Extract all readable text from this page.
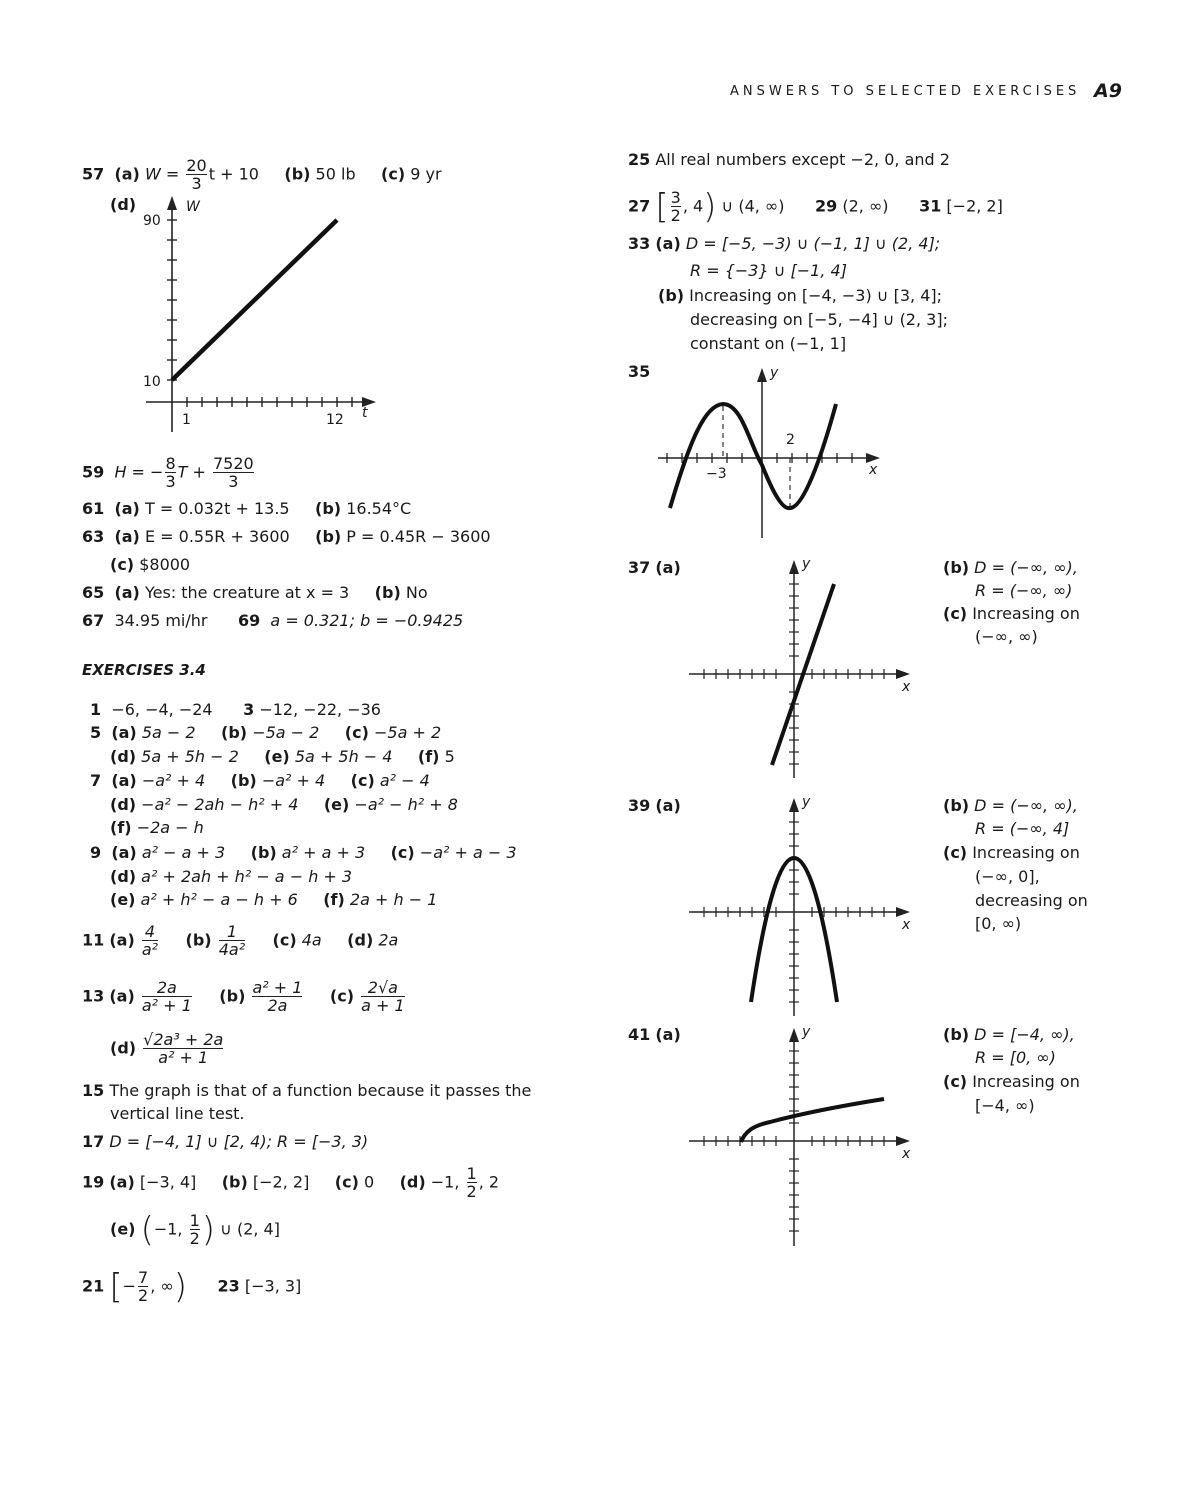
ANSWERS TO SELECTED EXERCISES A9
57 (a) $W = \frac{20}{3}$ t + 10 (b) 50 lb (c) 9 yr
(d)	W
t
90
10
1	12
59 H = − $\frac{8}{3}$ $T + \frac{7520}{3}$
61 (a) T = 0.032t + 13.5 (b) 16.54°C
63 (a) E = 0.55R + 3600 (b) P = 0.45R − 3600
(c) $8000
65 (a) Yes: the creature at x = 3 (b) No
67 34.95 mi/hr 69 a = 0.321; b = −0.9425
EXERCISES 3.4
1 −6, −4, −24 3 −12, −22, −36
5 (a) 5a − 2 (b) −5a − 2 (c) −5a + 2
(d) 5a + 5h − 2 (e) 5a + 5h − 4 (f) 5
7 (a) −a² + 4 (b) −a² + 4 (c) a² − 4
(d) −a² − 2ah − h² + 4 (e) −a² − h² + 8
(f) −2a − h
9 (a) a² − a + 3 (b) a² + a + 3 (c) −a² + a − 3
(d) a² + 2ah + h² − a − h + 3
(e) a² + h² − a − h + 6 (f) 2a + h − 1
11 $(a) \frac{4}{\text{a²}} (b) \frac{1}{\text{4a²}} (c)$ 4a (d) 2a
13 $(a) \frac{2a}{\text{a² + 1}} (b) \frac{\text{a² + 1}}{2a} (c) \frac{2√a}{a + 1}$
$(d) \frac{\text{√2a³ + 2a}}{\text{a² + 1}}$
15 The graph is that of a function because it passes the
vertical line test.
17 D = [−4, 1] ∪ [2, 4); R = [−3, 3)
19 (a) [−3, 4] (b) [−2, 2] (c) 0 (d) −1, $\frac{1}{2}$ , 2
(e) (−1, $\frac{1}{2}$ ) ∪ (2, 4]
21 [− $\frac{7}{2}$ , ∞) 23 [−3, 3]
25 All real numbers except −2, 0, and 2
27 [ $\frac{3}{2}$ , 4) ∪ (4, ∞) 29 (2, ∞) 31 [−2, 2]
33 (a) D = [−5, −3) ∪ (−1, 1] ∪ (2, 4];
R = {−3} ∪ [−1, 4]
(b) Increasing on [−4, −3) ∪ [3, 4];
decreasing on [−5, −4] ∪ (2, 3];
constant on (−1, 1]
35	y
x
2
−3
37 (a)	y
x
(b) D = (−∞, ∞),
R = (−∞, ∞)
(c) Increasing on
(−∞, ∞)
39 (a)	y
x
(b) D = (−∞, ∞),
R = (−∞, 4]
(c) Increasing on
(−∞, 0],
decreasing on
[0, ∞)
41 (a)	y
x
(b) D = [−4, ∞),
R = [0, ∞)
(c) Increasing on
[−4, ∞)
